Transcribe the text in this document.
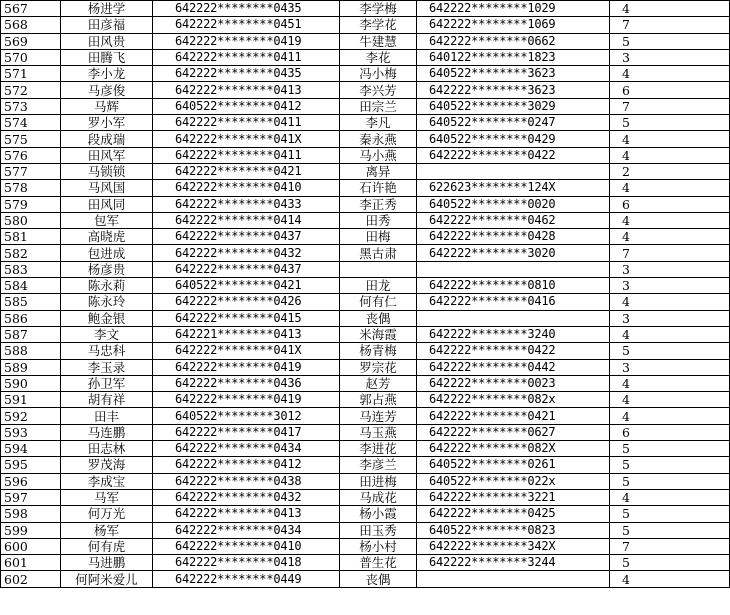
567	杨进学	642222********0435	李学梅	642222********1029	4
568	田彦福	642222********0451	李学花	642222********1069	7
569	田风贵	642222********0419	牛建慧	642222********0662	5
570	田腾飞	642222********0411	李花	640122********1823	3
571	李小龙	642222********0435	冯小梅	640522********3623	4
572	马彦俊	642222********0413	李兴芳	642222********3623	6
573	马辉	640522********0412	田宗兰	640522********3029	7
574	罗小军	642222********0411	李凡	640522********0247	5
575	段成瑞	642222********041X	秦永燕	640522********0429	4
576	田风军	642222********0411	马小燕	642222********0422	4
577	马锁锁	642222********0421	离异		2
578	马风国	642222********0410	石许艳	622623********124X	4
579	田风同	642222********0433	李正秀	640522********0020	6
580	包军	642222********0414	田秀	642222********0462	4
581	高晓虎	642222********0437	田梅	642222********0428	4
582	包进成	642222********0432	黑古肃	642222********3020	7
583	杨彦贵	642222********0437			3
584	陈永莉	640522********0421	田龙	642222********0810	3
585	陈永玲	642222********0426	何有仁	642222********0416	4
586	鲍金银	642222********0415	丧偶		3
587	李文	642221********0413	米海霞	642222********3240	4
588	马忠科	642222********041X	杨青梅	642222********0422	5
589	李玉录	642222********0419	罗宗花	642222********0442	3
590	孙卫军	642222********0436	赵芳	642222********0023	4
591	胡有祥	642222********0419	郭占燕	642222********082x	4
592	田丰	640522********3012	马连芳	642222********0421	4
593	马连鹏	642222********0417	马玉燕	642222********0627	6
594	田志林	642222********0434	李进花	642222********082X	5
595	罗茂海	642222********0412	李彦兰	640522********0261	5
596	李成宝	642222********0438	田进梅	640522********022x	5
597	马军	642222********0432	马成花	642222********3221	4
598	何万光	642222********0413	杨小霞	642222********0425	5
599	杨军	642222********0434	田玉秀	640522********0823	5
600	何有虎	642222********0410	杨小村	642222********342X	7
601	马进鹏	642222********0418	普生花	642222********3244	5
602	何阿米爱儿	642222********0449	丧偶		4
